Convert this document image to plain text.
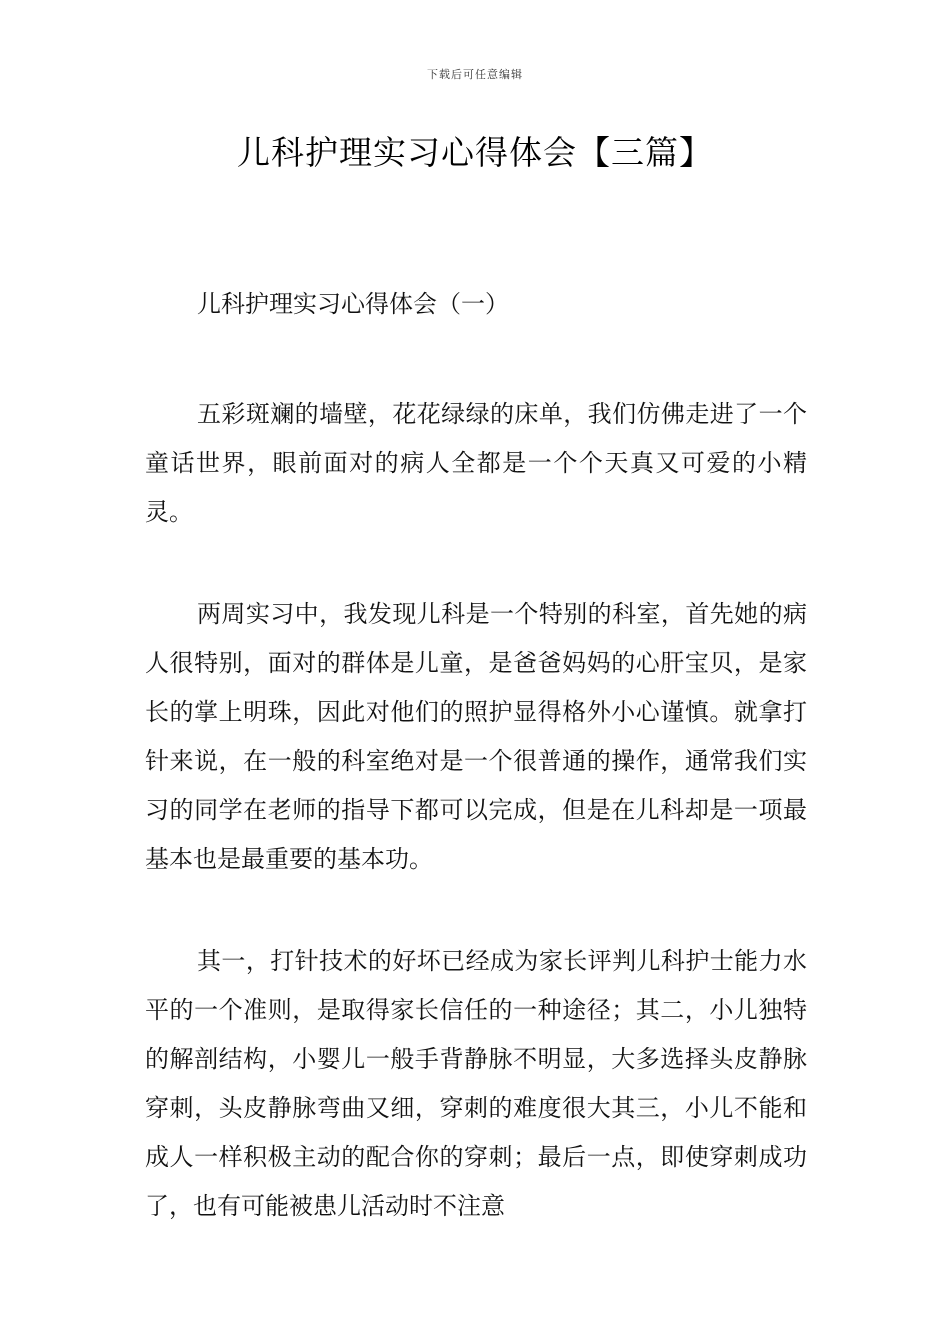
下载后可任意编辑
儿科护理实习心得体会【三篇】

儿科护理实习心得体会（一）

五彩斑斓的墙壁，花花绿绿的床单，我们仿佛走进了一个童话世界，眼前面对的病人全都是一个个天真又可爱的小精灵。

两周实习中，我发现儿科是一个特别的科室，首先她的病人很特别，面对的群体是儿童，是爸爸妈妈的心肝宝贝，是家长的掌上明珠，因此对他们的照护显得格外小心谨慎。就拿打针来说，在一般的科室绝对是一个很普通的操作，通常我们实习的同学在老师的指导下都可以完成，但是在儿科却是一项最基本也是最重要的基本功。

其一，打针技术的好坏已经成为家长评判儿科护士能力水平的一个准则，是取得家长信任的一种途径；其二，小儿独特的解剖结构，小婴儿一般手背静脉不明显，大多选择头皮静脉穿刺，头皮静脉弯曲又细，穿刺的难度很大其三，小儿不能和成人一样积极主动的配合你的穿刺；最后一点，即使穿刺成功了，也有可能被患儿活动时不注意
